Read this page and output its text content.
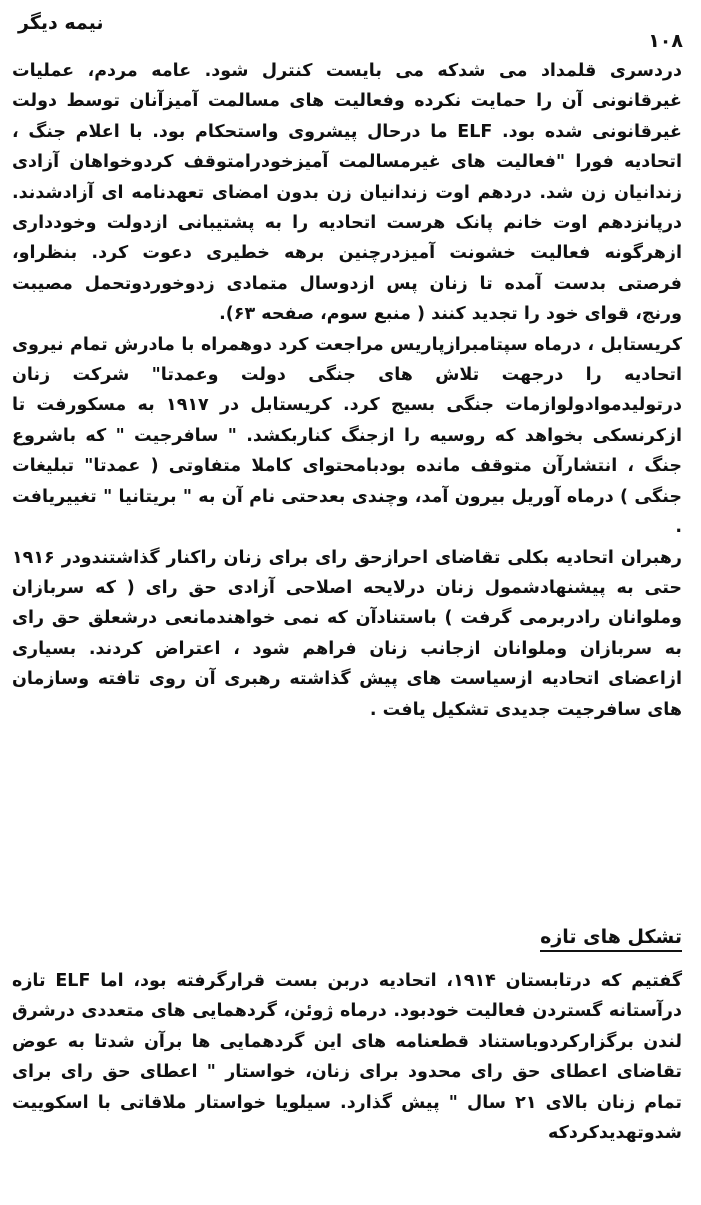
نیمه دیگر
۱۰۸

دردسری قلمداد می شدکه می بایست کنترل شود. عامه مردم، عملیات غیرقانونی آن را حمایت نکرده وفعالیت های مسالمت آمیزآنان توسط دولت غیرقانونی شده بود. ELF ما درحال پیشروی واستحکام بود. با اعلام جنگ ، اتحادیه فورا "فعالیت های غیرمسالمت آمیزخودرامتوقف کردوخواهان آزادی زندانیان زن شد. دردهم اوت زندانیان زن بدون امضای تعهدنامه ای آزادشدند. درپانزدهم اوت خانم پانک هرست اتحادیه را به پشتیبانی ازدولت وخودداری ازهرگونه فعالیت خشونت آمیزدرچنین برهه خطیری دعوت کرد. بنظراو، فرصتی بدست آمده تا زنان پس ازدوسال متمادی زدوخوردوتحمل مصیبت ورنج، قوای خود را تجدید کنند ( منبع سوم، صفحه ۶۳).

کریستابل ، درماه سپتامبرازپاریس مراجعت کرد دوهمراه با مادرش تمام نیروی اتحادیه را درجهت تلاش های جنگی دولت وعمدتا" شرکت زنان درتولیدموادولوازمات جنگی بسیج کرد. کریستابل در ۱۹۱۷ به مسکورفت تا ازکرنسکی بخواهد که روسیه را ازجنگ کناربکشد. " سافرجیت " که باشروع جنگ ، انتشارآن متوقف مانده بودبامحتوای کاملا متفاوتی ( عمدتا" تبلیغات جنگی ) درماه آوریل بیرون آمد، وچندی بعدحتی نام آن به " بریتانیا " تغییریافت .

رهبران اتحادیه بکلی تقاضای احرازحق رای برای زنان راکنار گذاشتندودر ۱۹۱۶ حتی به پیشنهادشمول زنان درلایحه اصلاحی آزادی حق رای ( که سربازان وملوانان رادربرمی گرفت ) باستنادآن که نمی خواهندمانعی درشعلق حق رای به سربازان وملوانان ازجانب زنان فراهم شود ، اعتراض کردند. بسیاری ازاعضای اتحادیه ازسیاست های پیش گذاشته رهبری آن روی تافته وسازمان های سافرجیت جدیدی تشکیل یافت .

تشکل های تازه

گفتیم که درتابستان ۱۹۱۴، اتحادیه دربن بست قرارگرفته بود، اما ELF تازه درآستانه گستردن فعالیت خودبود. درماه ژوئن، گردهمایی های متعددی درشرق لندن برگزارکردوباستناد قطعنامه های این گردهمایی ها برآن شدتا به عوض تقاضای اعطای حق رای محدود برای زنان، خواستار " اعطای حق رای برای تمام زنان بالای ۲۱ سال " پیش گذارد. سیلویا خواستار ملاقاتی با اسکوییت شدوتهدیدکردکه
